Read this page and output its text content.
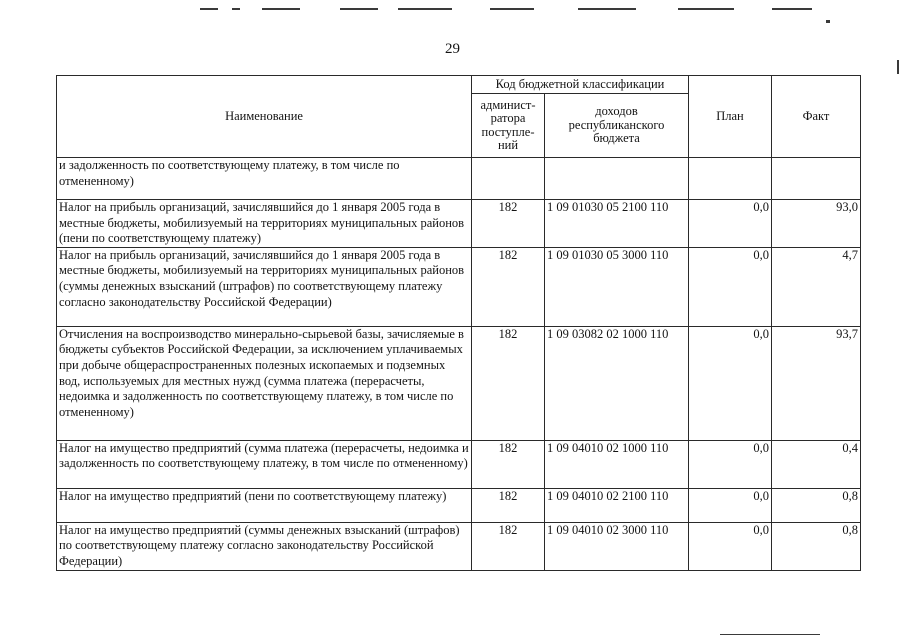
29
Наименование	Код бюджетной классификации		План	Факт
	админист-ратора поступле-ний	доходов республиканского бюджета		
и задолженность по соответствующему платежу, в том числе по отмененному)				
Налог на прибыль организаций, зачислявшийся до 1 января 2005 года в местные бюджеты, мобилизуемый на территориях муниципальных районов (пени по соответствующему платежу)	182	1 09 01030 05 2100 110	0,0	93,0
Налог на прибыль организаций, зачислявшийся до 1 января 2005 года в местные бюджеты, мобилизуемый на территориях муниципальных районов (суммы денежных взысканий (штрафов) по соответствующему платежу согласно законодательству Российской Федерации)	182	1 09 01030 05 3000 110	0,0	4,7
Отчисления на воспроизводство минерально-сырьевой базы, зачисляемые в бюджеты субъектов Российской Федерации, за исключением уплачиваемых при добыче общераспространенных полезных ископаемых и подземных вод, используемых для местных нужд (сумма платежа (перерасчеты, недоимка и задолженность по соответствующему платежу, в том числе по отмененному)	182	1 09 03082 02 1000 110	0,0	93,7
Налог на имущество предприятий (сумма платежа (перерасчеты, недоимка и задолженность по соответствующему платежу, в том числе по отмененному)	182	1 09 04010 02 1000 110	0,0	0,4
Налог на имущество предприятий (пени по соответствующему платежу)	182	1 09 04010 02 2100 110	0,0	0,8
Налог на имущество предприятий (суммы денежных взысканий (штрафов) по соответствующему платежу согласно законодательству Российской Федерации)	182	1 09 04010 02 3000 110	0,0	0,8
